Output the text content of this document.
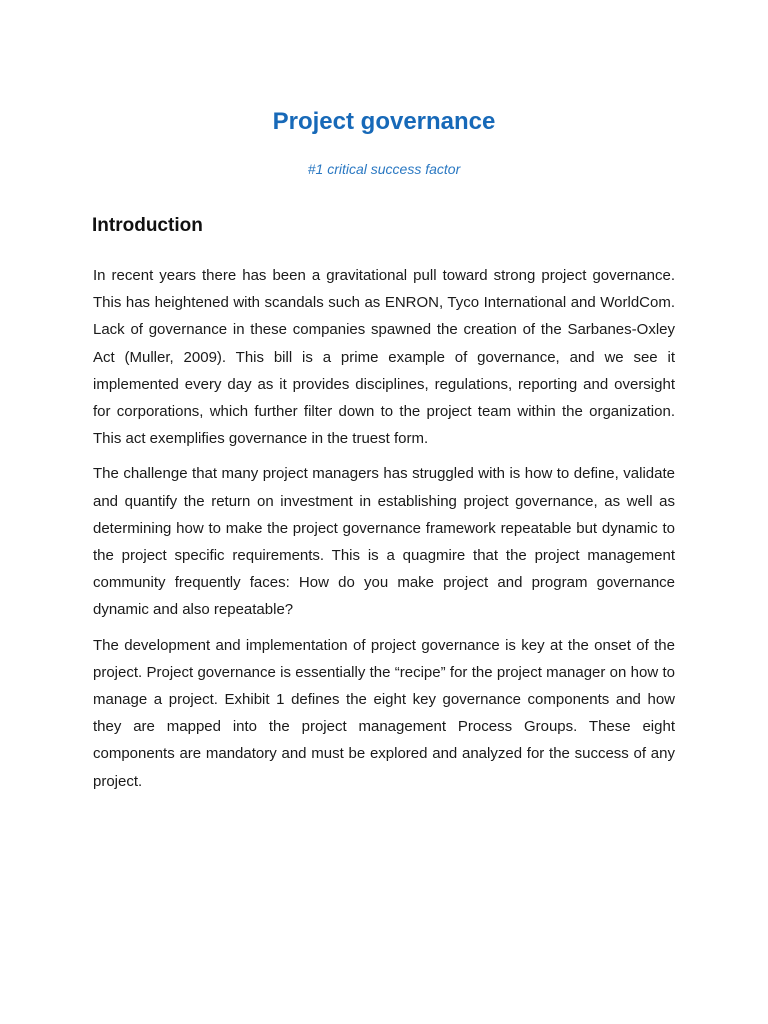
Project governance

#1 critical success factor

Introduction

In recent years there has been a gravitational pull toward strong project governance. This has heightened with scandals such as ENRON, Tyco International and WorldCom. Lack of governance in these companies spawned the creation of the Sarbanes-Oxley Act (Muller, 2009). This bill is a prime example of governance, and we see it implemented every day as it provides disciplines, regulations, reporting and oversight for corporations, which further filter down to the project team within the organization. This act exemplifies governance in the truest form.

The challenge that many project managers has struggled with is how to define, validate and quantify the return on investment in establishing project governance, as well as determining how to make the project governance framework repeatable but dynamic to the project specific requirements. This is a quagmire that the project management community frequently faces: How do you make project and program governance dynamic and also repeatable?

The development and implementation of project governance is key at the onset of the project. Project governance is essentially the “recipe” for the project manager on how to manage a project. Exhibit 1 defines the eight key governance components and how they are mapped into the project management Process Groups. These eight components are mandatory and must be explored and analyzed for the success of any project.
